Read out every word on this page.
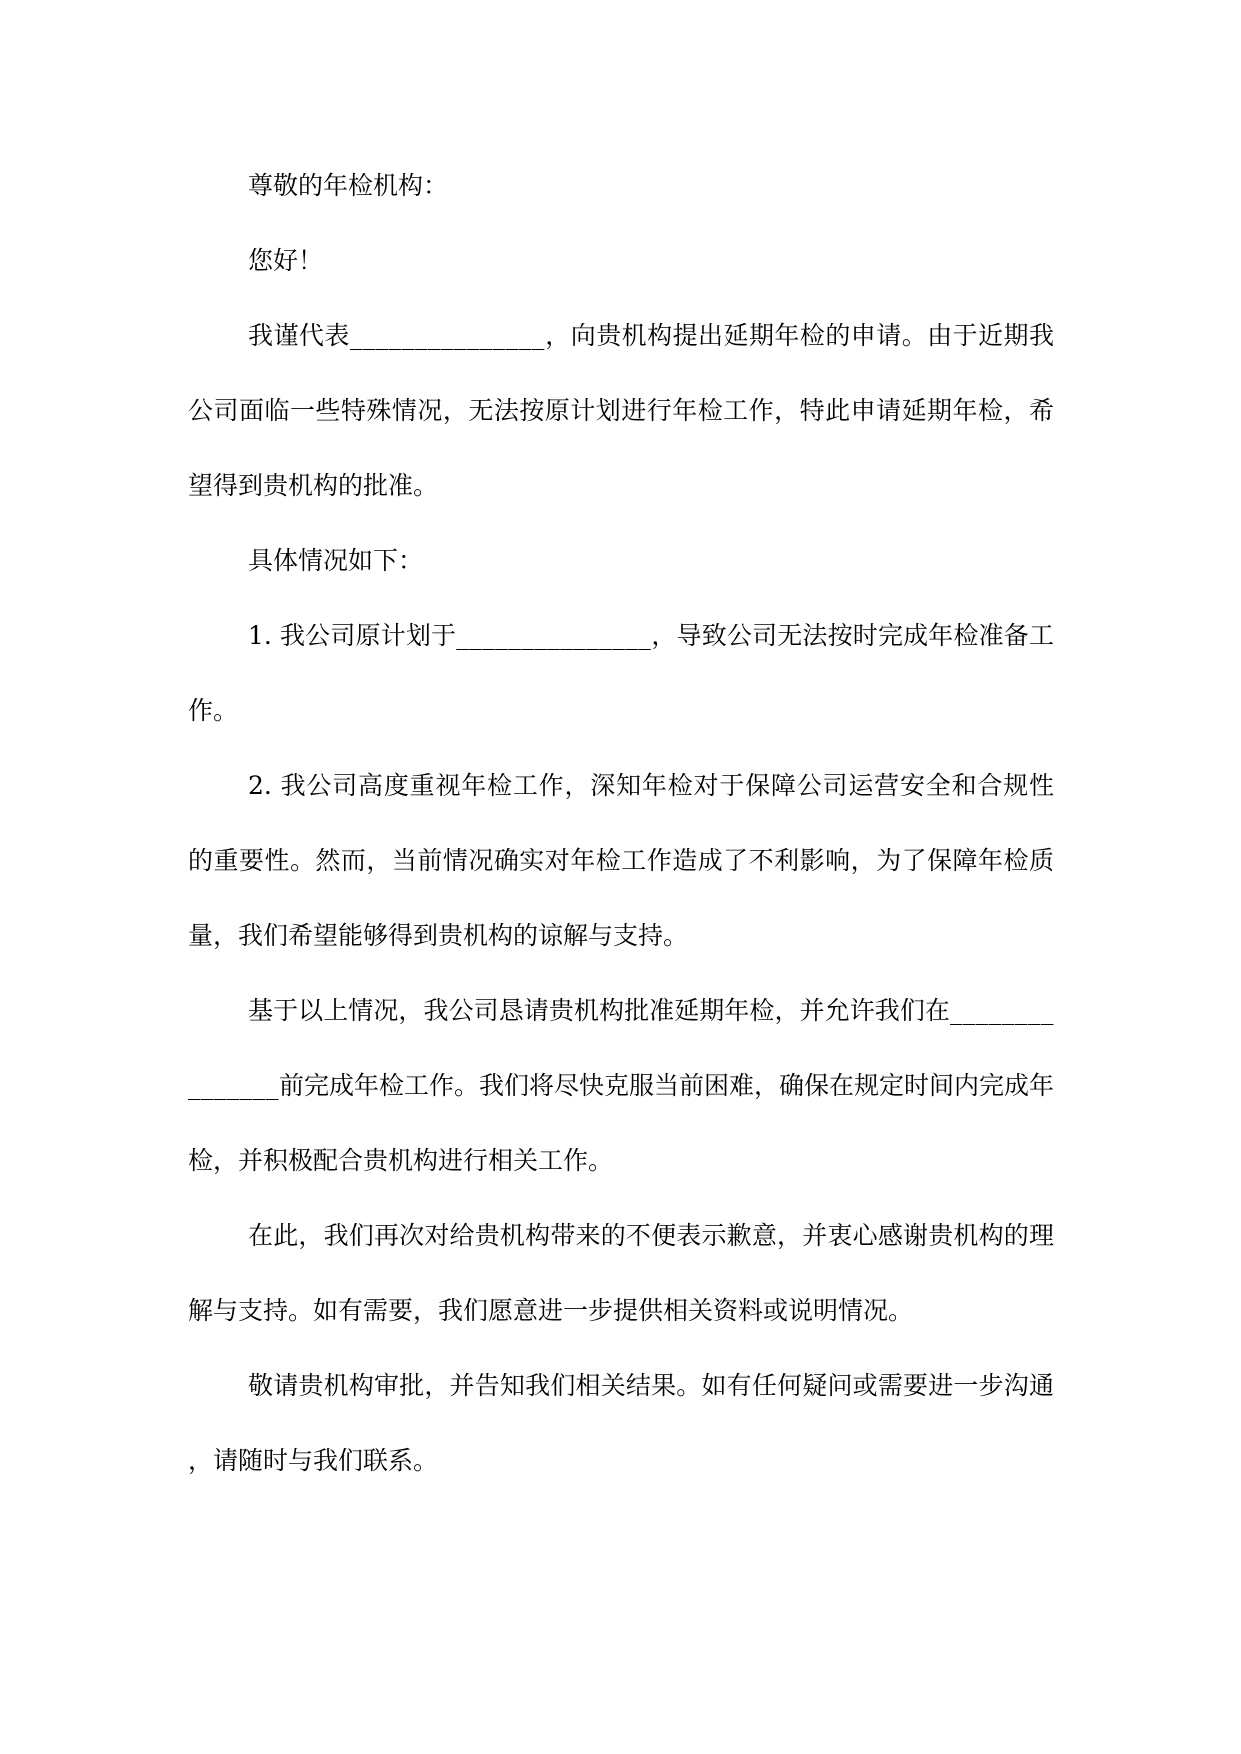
尊敬的年检机构：

您好！

我谨代表_______________，向贵机构提出延期年检的申请。由于近期我公司面临一些特殊情况，无法按原计划进行年检工作，特此申请延期年检，希望得到贵机构的批准。

具体情况如下：

1. 我公司原计划于_______________，导致公司无法按时完成年检准备工作。

2. 我公司高度重视年检工作，深知年检对于保障公司运营安全和合规性的重要性。然而，当前情况确实对年检工作造成了不利影响，为了保障年检质量，我们希望能够得到贵机构的谅解与支持。

基于以上情况，我公司恳请贵机构批准延期年检，并允许我们在_______________前完成年检工作。我们将尽快克服当前困难，确保在规定时间内完成年检，并积极配合贵机构进行相关工作。

在此，我们再次对给贵机构带来的不便表示歉意，并衷心感谢贵机构的理解与支持。如有需要，我们愿意进一步提供相关资料或说明情况。

敬请贵机构审批，并告知我们相关结果。如有任何疑问或需要进一步沟通，请随时与我们联系。
